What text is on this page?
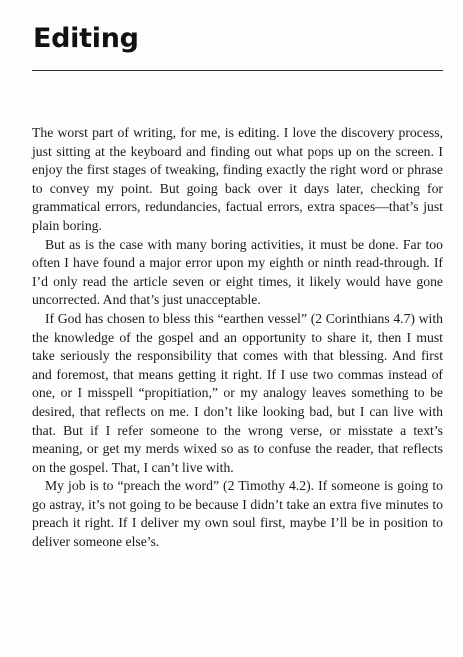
Editing

The worst part of writing, for me, is editing. I love the discovery process, just sitting at the keyboard and finding out what pops up on the screen. I enjoy the first stages of tweaking, finding exactly the right word or phrase to convey my point. But going back over it days later, checking for grammatical errors, redundancies, factual errors, extra spaces—that’s just plain boring.

But as is the case with many boring activities, it must be done. Far too often I have found a major error upon my eighth or ninth read-through. If I’d only read the article seven or eight times, it likely would have gone uncorrected. And that’s just unacceptable.

If God has chosen to bless this “earthen vessel” (2 Corinthians 4.7) with the knowledge of the gospel and an opportunity to share it, then I must take seriously the responsibility that comes with that blessing. And first and foremost, that means getting it right. If I use two commas instead of one, or I misspell “propitiation,” or my analogy leaves something to be desired, that reflects on me. I don’t like looking bad, but I can live with that. But if I refer someone to the wrong verse, or misstate a text’s meaning, or get my merds wixed so as to confuse the reader, that reflects on the gospel. That, I can’t live with.

My job is to “preach the word” (2 Timothy 4.2). If someone is going to go astray, it’s not going to be because I didn’t take an extra five minutes to preach it right. If I deliver my own soul first, maybe I’ll be in position to deliver someone else’s.
